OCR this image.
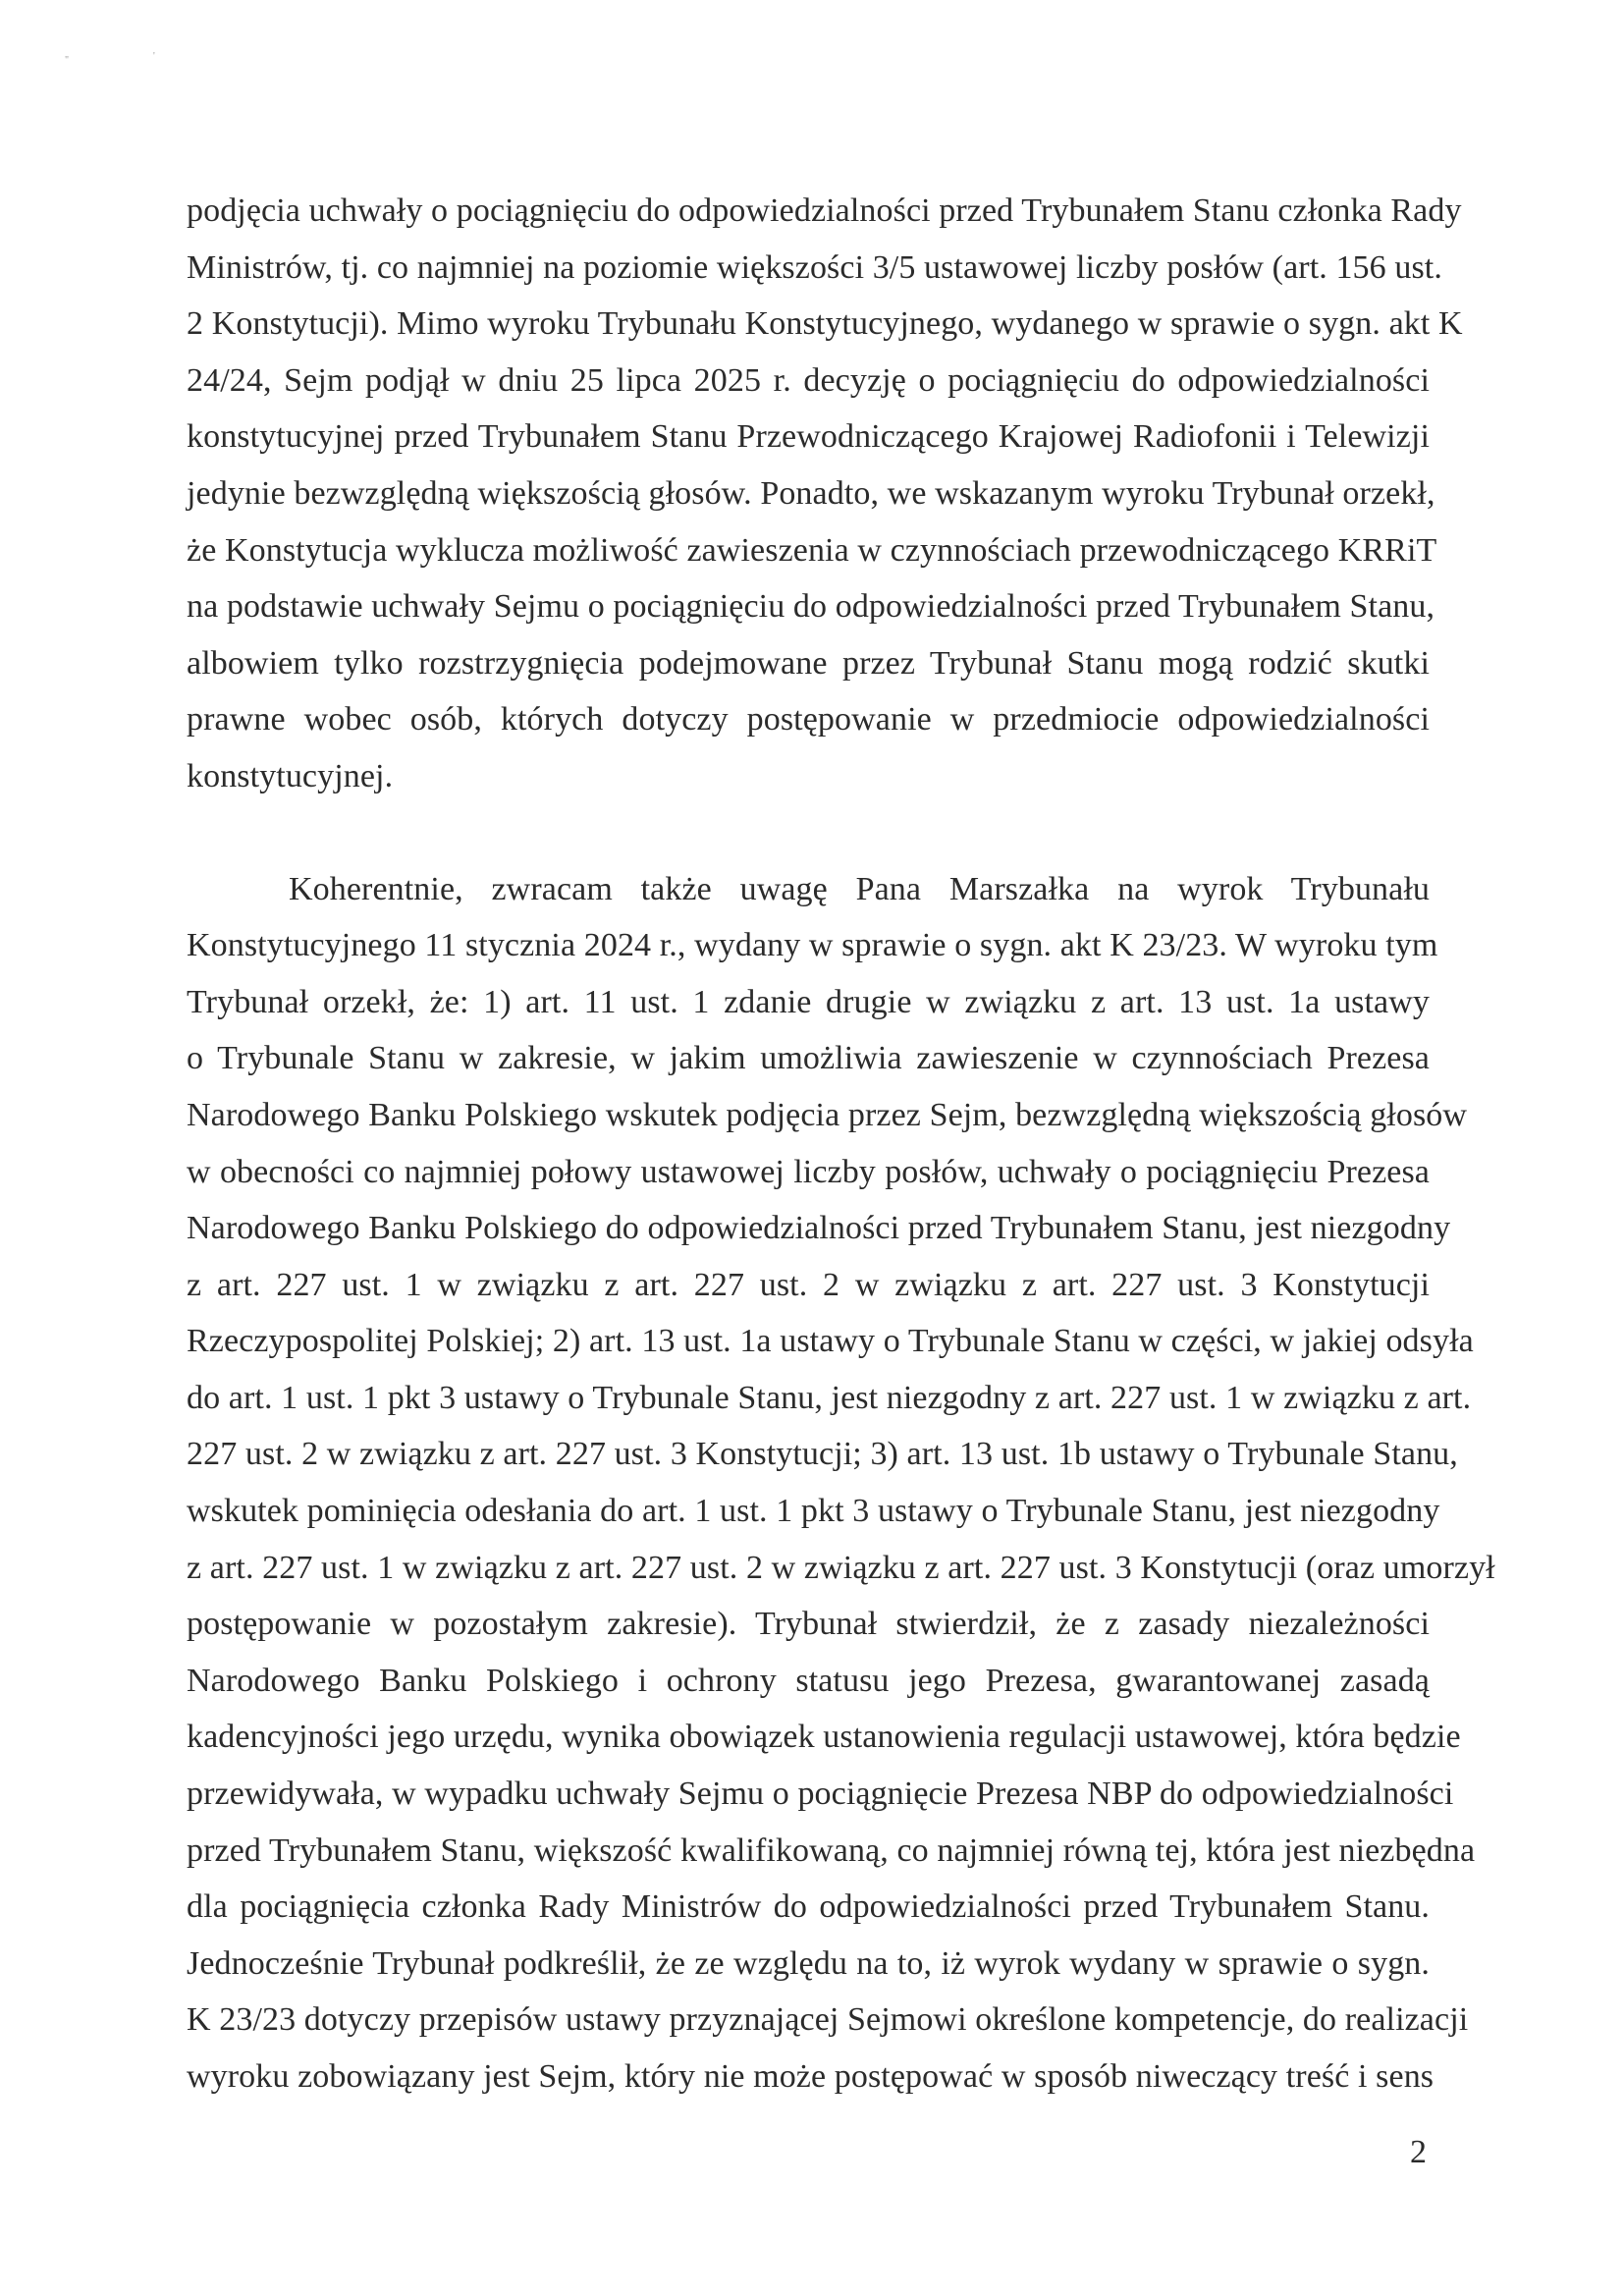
"	'
podjęcia uchwały o pociągnięciu do odpowiedzialności przed Trybunałem Stanu członka Rady
Ministrów, tj. co najmniej na poziomie większości 3/5 ustawowej liczby posłów (art. 156 ust.
2 Konstytucji). Mimo wyroku Trybunału Konstytucyjnego, wydanego w sprawie o sygn. akt K
24/24, Sejm podjął w dniu 25 lipca 2025 r. decyzję o pociągnięciu do odpowiedzialności
konstytucyjnej przed Trybunałem Stanu Przewodniczącego Krajowej Radiofonii i Telewizji
jedynie bezwzględną większością głosów. Ponadto, we wskazanym wyroku Trybunał orzekł,
że Konstytucja wyklucza możliwość zawieszenia w czynnościach przewodniczącego KRRiT
na podstawie uchwały Sejmu o pociągnięciu do odpowiedzialności przed Trybunałem Stanu,
albowiem tylko rozstrzygnięcia podejmowane przez Trybunał Stanu mogą rodzić skutki
prawne wobec osób, których dotyczy postępowanie w przedmiocie odpowiedzialności
konstytucyjnej.
Koherentnie, zwracam także uwagę Pana Marszałka na wyrok Trybunału
Konstytucyjnego 11 stycznia 2024 r., wydany w sprawie o sygn. akt K 23/23. W wyroku tym
Trybunał orzekł, że: 1) art. 11 ust. 1 zdanie drugie w związku z art. 13 ust. 1a ustawy
o Trybunale Stanu w zakresie, w jakim umożliwia zawieszenie w czynnościach Prezesa
Narodowego Banku Polskiego wskutek podjęcia przez Sejm, bezwzględną większością głosów
w obecności co najmniej połowy ustawowej liczby posłów, uchwały o pociągnięciu Prezesa
Narodowego Banku Polskiego do odpowiedzialności przed Trybunałem Stanu, jest niezgodny
z art. 227 ust. 1 w związku z art. 227 ust. 2 w związku z art. 227 ust. 3 Konstytucji
Rzeczypospolitej Polskiej; 2) art. 13 ust. 1a ustawy o Trybunale Stanu w części, w jakiej odsyła
do art. 1 ust. 1 pkt 3 ustawy o Trybunale Stanu, jest niezgodny z art. 227 ust. 1 w związku z art.
227 ust. 2 w związku z art. 227 ust. 3 Konstytucji; 3) art. 13 ust. 1b ustawy o Trybunale Stanu,
wskutek pominięcia odesłania do art. 1 ust. 1 pkt 3 ustawy o Trybunale Stanu, jest niezgodny
z art. 227 ust. 1 w związku z art. 227 ust. 2 w związku z art. 227 ust. 3 Konstytucji (oraz umorzył
postępowanie w pozostałym zakresie). Trybunał stwierdził, że z zasady niezależności
Narodowego Banku Polskiego i ochrony statusu jego Prezesa, gwarantowanej zasadą
kadencyjności jego urzędu, wynika obowiązek ustanowienia regulacji ustawowej, która będzie
przewidywała, w wypadku uchwały Sejmu o pociągnięcie Prezesa NBP do odpowiedzialności
przed Trybunałem Stanu, większość kwalifikowaną, co najmniej równą tej, która jest niezbędna
dla pociągnięcia członka Rady Ministrów do odpowiedzialności przed Trybunałem Stanu.
Jednocześnie Trybunał podkreślił, że ze względu na to, iż wyrok wydany w sprawie o sygn.
K 23/23 dotyczy przepisów ustawy przyznającej Sejmowi określone kompetencje, do realizacji
wyroku zobowiązany jest Sejm, który nie może postępować w sposób niweczący treść i sens
2
